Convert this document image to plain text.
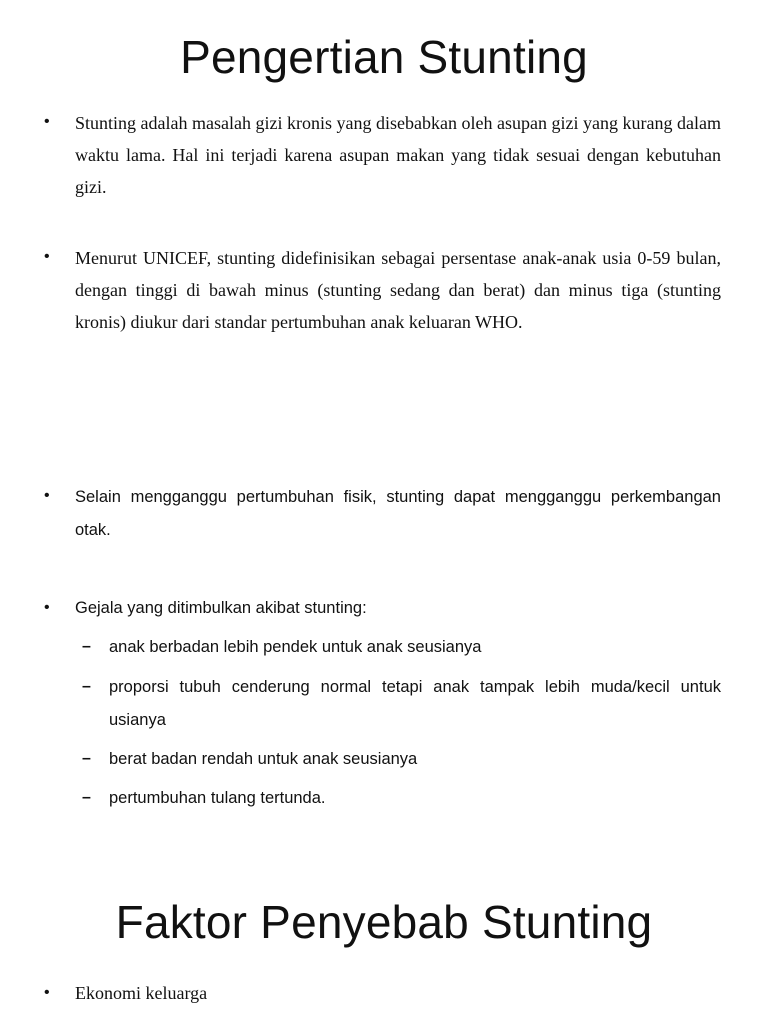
Pengertian Stunting
• Stunting adalah masalah gizi kronis yang disebabkan oleh asupan gizi yang kurang dalam waktu lama. Hal ini terjadi karena asupan makan yang tidak sesuai dengan kebutuhan gizi.

• Menurut UNICEF, stunting didefinisikan sebagai persentase anak-anak usia 0-59 bulan, dengan tinggi di bawah minus (stunting sedang dan berat) dan minus tiga (stunting kronis) diukur dari standar pertumbuhan anak keluaran WHO.

• Selain mengganggu pertumbuhan fisik, stunting dapat mengganggu perkembangan otak.

• Gejala yang ditimbulkan akibat stunting:

– anak berbadan lebih pendek untuk anak seusianya

– proporsi tubuh cenderung normal tetapi anak tampak lebih muda/kecil untuk usianya

– berat badan rendah untuk anak seusianya

– pertumbuhan tulang tertunda.

Faktor Penyebab Stunting
• Ekonomi keluarga
